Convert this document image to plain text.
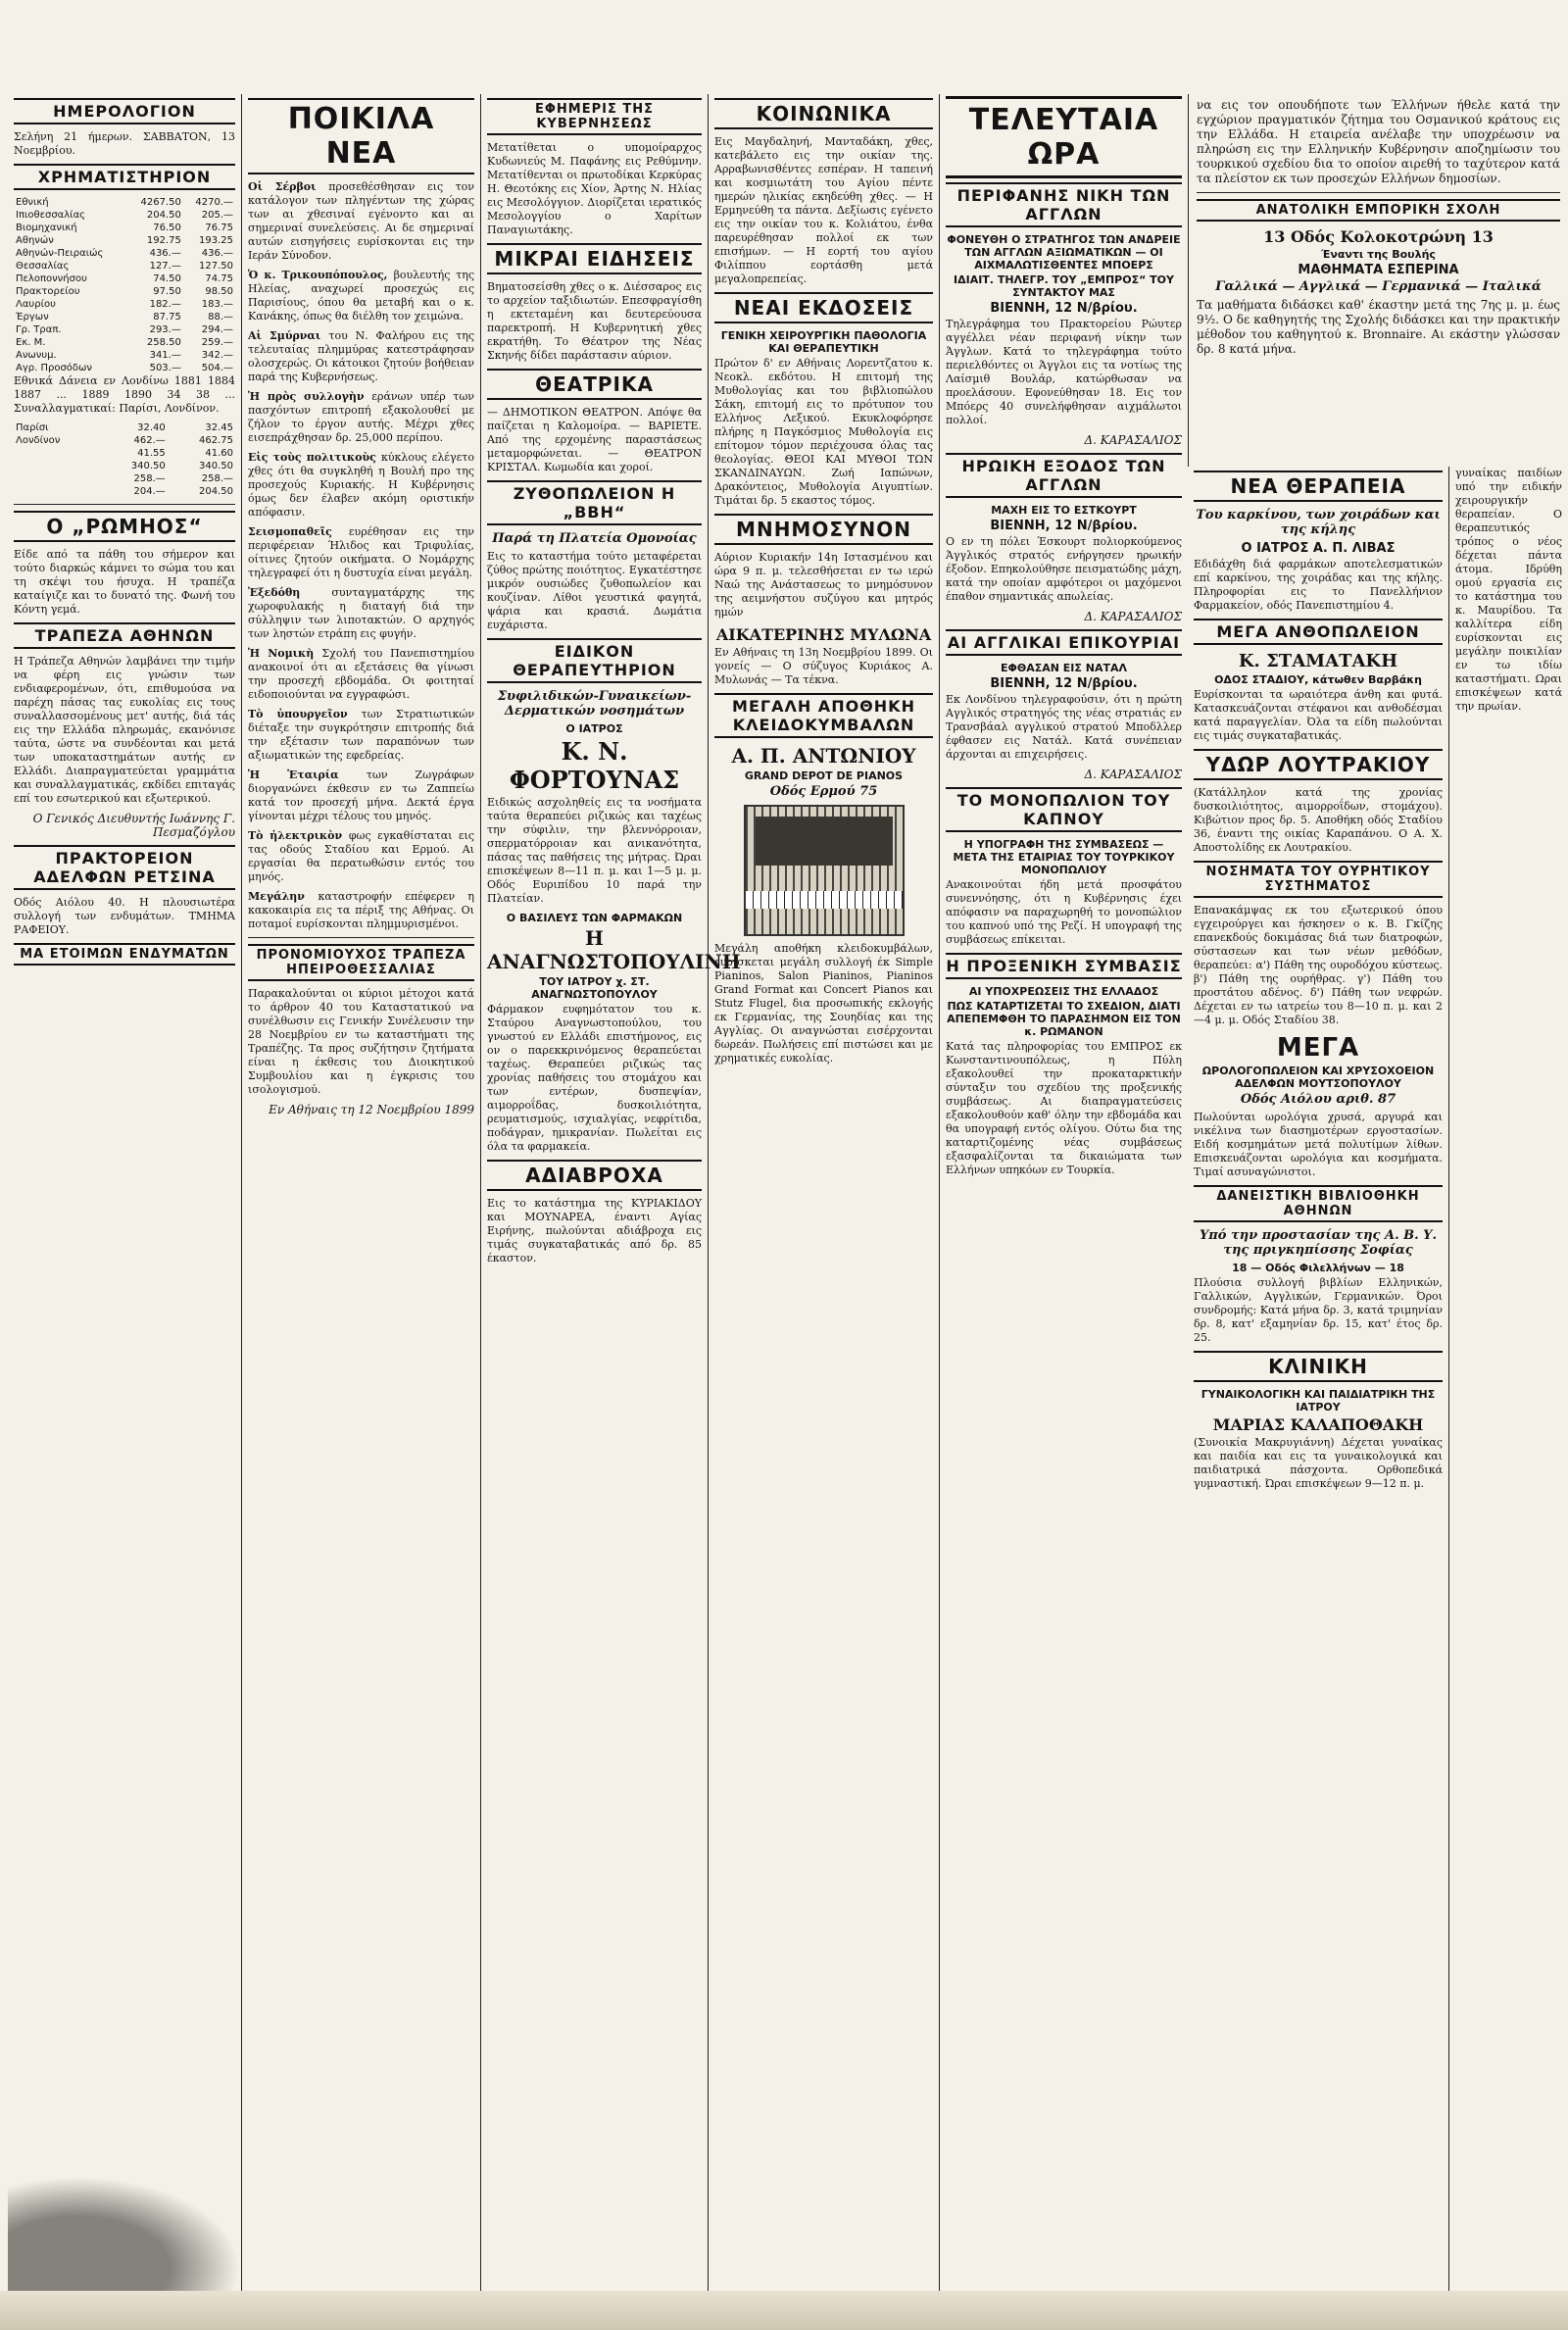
ΗΜΕΡΟΛΟΓΙΟΝ
Σελήνη 21 ήμερων. ΣΑΒΒΑΤΟΝ, 13 Νοεμβρίου.
ΧΡΗΜΑΤΙΣΤΗΡΙΟΝ
Εθνική	4267.50	4270.—
Ιπιοθεσσαλίας	204.50	205.—
Βιομηχανική	76.50	76.75
Αθηνών	192.75	193.25
Αθηνών-Πειραιώς	436.—	436.—
Θεσσαλίας	127.—	127.50
Πελοποννήσου	74.50	74.75
Πρακτορείου	97.50	98.50
Λαυρίου	182.—	183.—
Έργων	87.75	88.—
Γρ. Τραπ.	293.—	294.—
Εκ. Μ.	258.50	259.—
Ανωνυμ.	341.—	342.—
Αγρ. Προσόδων	503.—	504.—
Εθνικά Δάνεια εν Λονδίνω 1881 1884 1887 ... 1889 1890 34 38 ... Συναλλαγματικαί: Παρίσι, Λονδίνον.
Παρίσι	32.40	32.45
Λονδίνον	462.—	462.75
	41.55	41.60
	340.50	340.50
	258.—	258.—
	204.—	204.50
Ο „ΡΩΜΗΟΣ“
Είδε από τα πάθη του σήμερον και τούτο διαρκώς κάμνει το σώμα του και τη σκέψι του ήσυχα. Η τραπέζα καταίγιζε και το δυνατό της. Φωνή του Κόντη γεμά.
ΤΡΑΠΕΖΑ ΑΘΗΝΩΝ
Η Τράπεζα Αθηνών λαμβάνει την τιμήν να φέρη εις γνώσιν των ενδιαφερομένων, ότι, επιθυμούσα να παρέχη πάσας τας ευκολίας εις τους συναλλασσομένους μετ' αυτής, διά τάς εις την Ελλάδα πληρωμάς, εκανόνισε ταύτα, ώστε να συνδέονται και μετά των υποκαταστημάτων αυτής εν Ελλάδι. Διαπραγματεύεται γραμμάτια και συναλλαγματικάς, εκδίδει επιταγάς επί του εσωτερικού και εξωτερικού.
Ο Γενικός Διευθυντής Ιωάννης Γ. Πεσμαζόγλου
ΠΡΑΚΤΟΡΕΙΟΝ ΑΔΕΛΦΩΝ ΡΕΤΣΙΝΑ
Οδός Αιόλου 40. Η πλουσιωτέρα συλλογή των ενδυμάτων. ΤΜΗΜΑ ΡΑΦΕΙΟΥ.
ΜΑ ΕΤΟΙΜΩΝ ΕΝΔΥΜΑΤΩΝ
ΠΟΙΚΙΛΑ ΝΕΑ
Οἱ Σέρβοι προσεθέσθησαν εις τον κατάλογον των πληγέντων της χώρας των αι χθεσιναί εγένοντο και αι σημεριναί συνελεύσεις. Αι δε σημεριναί αυτών εισηγήσεις ευρίσκονται εις την Ιεράν Σύνοδον.
Ὁ κ. Τρικουπόπουλος, βουλευτής της Ηλείας, αναχωρεί προσεχώς εις Παρισίους, όπου θα μεταβή και ο κ. Κανάκης, όπως θα διέλθη τον χειμώνα.
Αἱ Σμύρναι του Ν. Φαλήρου εις της τελευταίας πλημμύρας κατεστράφησαν ολοσχερώς. Οι κάτοικοι ζητούν βοήθειαν παρά της Κυβερνήσεως.
Ἡ πρὸς συλλογὴν εράνων υπέρ των πασχόντων επιτροπή εξακολουθεί με ζήλον το έργον αυτής. Μέχρι χθες εισεπράχθησαν δρ. 25,000 περίπου.
Εἰς τοὺς πολιτικοὺς κύκλους ελέγετο χθες ότι θα συγκληθή η Βουλή προ της προσεχούς Κυριακής. Η Κυβέρνησις όμως δεν έλαβεν ακόμη οριστικήν απόφασιν.
Σεισμοπαθεῖς ευρέθησαν εις την περιφέρειαν Ήλιδος και Τριφυλίας, οίτινες ζητούν οικήματα. Ο Νομάρχης τηλεγραφεί ότι η δυστυχία είναι μεγάλη.
Ἐξεδόθη συνταγματάρχης της χωροφυλακής η διαταγή διά την σύλληψιν των λιποτακτών. Ο αρχηγός των ληστών ετράπη εις φυγήν.
Ἡ Νομικὴ Σχολή του Πανεπιστημίου ανακοινοί ότι αι εξετάσεις θα γίνωσι την προσεχή εβδομάδα. Οι φοιτηταί ειδοποιούνται να εγγραφώσι.
Τὸ ὑπουργεῖον των Στρατιωτικών διέταξε την συγκρότησιν επιτροπής διά την εξέτασιν των παραπόνων των αξιωματικών της εφεδρείας.
Ἡ Ἑταιρία των Ζωγράφων διοργανώνει έκθεσιν εν τω Ζαππείω κατά τον προσεχή μήνα. Δεκτά έργα γίνονται μέχρι τέλους του μηνός.
Τὸ ἠλεκτρικὸν φως εγκαθίσταται εις τας οδούς Σταδίου και Ερμού. Αι εργασίαι θα περατωθώσιν εντός του μηνός.
Μεγάλην καταστροφήν επέφερεν η κακοκαιρία εις τα πέριξ της Αθήνας. Οι ποταμοί ευρίσκονται πλημμυρισμένοι.
ΠΡΟΝΟΜΙΟΥΧΟΣ ΤΡΑΠΕΖΑ ΗΠΕΙΡΟΘΕΣΣΑΛΙΑΣ
Παρακαλούνται οι κύριοι μέτοχοι κατά το άρθρον 40 του Καταστατικού να συνέλθωσιν εις Γενικήν Συνέλευσιν την 28 Νοεμβρίου εν τω καταστήματι της Τραπέζης. Τα προς συζήτησιν ζητήματα είναι η έκθεσις του Διοικητικού Συμβουλίου και η έγκρισις του ισολογισμού.
Εν Αθήναις τη 12 Νοεμβρίου 1899
ΕΦΗΜΕΡΙΣ ΤΗΣ ΚΥΒΕΡΝΗΣΕΩΣ
Μετατίθεται ο υπομοίραρχος Κυδωνιεύς Μ. Παφάνης εις Ρεθύμνην. Μετατίθενται οι πρωτοδίκαι Κερκύρας Η. Θεοτόκης εις Χίον, Άρτης Ν. Ηλίας εις Μεσολόγγιον. Διορίζεται ιερατικός Μεσολογγίου ο Χαρίτων Παναγιωτάκης.
ΜΙΚΡΑΙ ΕΙΔΗΣΕΙΣ
Βηματοσείσθη χθες ο κ. Διέσσαρος εις το αρχείον ταξιδιωτών. Επεσφραγίσθη η εκτεταμένη και δευτερεύουσα παρεκτροπή. Η Κυβερνητική χθες εκρατήθη. Το Θέατρον της Νέας Σκηνής δίδει παράστασιν αύριον.
ΘΕΑΤΡΙΚΑ
— ΔΗΜΟΤΙΚΟΝ ΘΕΑΤΡΟΝ. Απόψε θα παίζεται η Καλομοίρα. — ΒΑΡΙΕΤΕ. Από της ερχομένης παραστάσεως μεταμορφώνεται. — ΘΕΑΤΡΟΝ ΚΡΙΣΤΑΛ. Κωμωδία και χοροί.
ΖΥΘΟΠΩΛΕΙΟΝ Η „ΒΒΗ“
Παρά τη Πλατεία Ομονοίας
Εις το καταστήμα τούτο μεταφέρεται ζύθος πρώτης ποιότητος. Εγκατέστησε μικρόν ουσιώδες ζυθοπωλείον και κουζίναν. Λίθοι γευστικά φαγητά, ψάρια και κρασιά. Δωμάτια ευχάριστα.
ΕΙΔΙΚΟΝ ΘΕΡΑΠΕΥΤΗΡΙΟΝ
Συφιλιδικών-Γυναικείων-Δερματικών νοσημάτων
Ο ΙΑΤΡΟΣ
Κ. Ν. ΦΟΡΤΟΥΝΑΣ
Ειδικώς ασχοληθείς εις τα νοσήματα ταύτα θεραπεύει ριζικώς και ταχέως την σύφιλιν, την βλεννόρροιαν, σπερματόρροιαν και ανικανότητα, πάσας τας παθήσεις της μήτρας. Ώραι επισκέψεων 8—11 π. μ. και 1—5 μ. μ. Οδός Ευριπίδου 10 παρά την Πλατείαν.
Ο ΒΑΣΙΛΕΥΣ ΤΩΝ ΦΑΡΜΑΚΩΝ
Η ΑΝΑΓΝΩΣΤΟΠΟΥΛΙΝΗ
ΤΟΥ ΙΑΤΡΟΥ χ. ΣΤ. ΑΝΑΓΝΩΣΤΟΠΟΥΛΟΥ
Φάρμακον ευφημότατον του κ. Σταύρου Αναγνωστοπούλου, του γνωστού εν Ελλάδι επιστήμονος, εις ον ο παρεκκρινόμενος θεραπεύεται ταχέως. Θεραπεύει ριζικώς τας χρονίας παθήσεις του στομάχου και των εντέρων, δυσπεψίαν, αιμορροΐδας, δυσκοιλιότητα, ρευματισμούς, ισχιαλγίας, νεφρίτιδα, ποδάγραν, ημικρανίαν. Πωλείται εις όλα τα φαρμακεία.
ΑΔΙΑΒΡΟΧΑ
Εις το κατάστημα της ΚΥΡΙΑΚΙΔΟΥ και ΜΟΥΝΑΡΕΑ, έναντι Αγίας Ειρήνης, πωλούνται αδιάβροχα εις τιμάς συγκαταβατικάς από δρ. 85 έκαστον.
ΚΟΙΝΩΝΙΚΑ
Εις Μαγδαληνή, Μανταδάκη, χθες, κατεβάλετο εις την οικίαν της. Αρραβωνισθέντες εσπέραν. Η ταπεινή και κοσμιωτάτη του Αγίου πέντε ημερών ηλικίας εκηδεύθη χθες. — Η Ερμηνεύθη τα πάντα. Δεξίωσις εγένετο εις την οικίαν του κ. Κολιάτου, ένθα παρευρέθησαν πολλοί εκ των επισήμων. — Η εορτή του αγίου Φιλίππου εορτάσθη μετά μεγαλοπρεπείας.
ΝΕΑΙ ΕΚΔΟΣΕΙΣ
ΓΕΝΙΚΗ ΧΕΙΡΟΥΡΓΙΚΗ ΠΑΘΟΛΟΓΙΑ ΚΑΙ ΘΕΡΑΠΕΥΤΙΚΗ
Πρώτον δ' εν Αθήναις Λορεντζατου κ. Νεοκλ. εκδότου. Η επιτομή της Μυθολογίας και του βιβλιοπώλου Σάκη, επιτομή εις το πρότυπον του Ελλήνος Λεξικού. Εκυκλοφόρησε πλήρης η Παγκόσμιος Μυθολογία εις επίτομον τόμον περιέχουσα όλας τας θεολογίας. ΘΕΟΙ ΚΑΙ ΜΥΘΟΙ ΤΩΝ ΣΚΑΝΔΙΝΑΥΩΝ. Ζωή Ιαπώνων, Δρακόντειος, Μυθολογία Αιγυπτίων. Τιμάται δρ. 5 εκαστος τόμος.
ΜΝΗΜΟΣΥΝΟΝ
Αύριον Κυριακήν 14η Ιστασμένου και ώρα 9 π. μ. τελεσθήσεται εν τω ιερώ Ναώ της Ανάστασεως το μνημόσυνον της αειμνήστου συζύγου και μητρός ημών
ΑΙΚΑΤΕΡΙΝΗΣ ΜΥΛΩΝΑ
Εν Αθήναις τη 13η Νοεμβρίου 1899. Οι γονείς — Ο σύζυγος Κυριάκος Α. Μυλωνάς — Τα τέκνα.
ΜΕΓΑΛΗ ΑΠΟΘΗΚΗ ΚΛΕΙΔΟΚΥΜΒΑΛΩΝ
Α. Π. ΑΝΤΩΝΙΟΥ
GRAND DEPOT DE PIANOS
Οδός Ερμού 75
Μεγάλη αποθήκη κλειδοκυμβάλων, ευρίσκεται μεγάλη συλλογή έκ Simple Pianinos, Salon Pianinos, Pianinos Grand Format και Concert Pianos και Stutz Flugel, δια προσωπικής εκλογής εκ Γερμανίας, της Σουηδίας και της Αγγλίας. Οι αναγνώσται εισέρχονται δωρεάν. Πωλήσεις επί πιστώσει και με χρηματικές ευκολίας.
ΤΕΛΕΥΤΑΙΑ ΩΡΑ
ΠΕΡΙΦΑΝΗΣ ΝΙΚΗ ΤΩΝ ΑΓΓΛΩΝ
ΦΟΝΕΥΘΗ Ο ΣΤΡΑΤΗΓΟΣ ΤΩΝ ΑΝΔΡΕΙΕ ΤΩΝ ΑΓΓΛΩΝ ΑΞΙΩΜΑΤΙΚΩΝ — ΟΙ ΑΙΧΜΑΛΩΤΙΣΘΕΝΤΕΣ ΜΠΟΕΡΣ
ΙΔΙΑΙΤ. ΤΗΛΕΓΡ. ΤΟΥ „ΕΜΠΡΟΣ“ ΤΟΥ ΣΥΝΤΑΚΤΟΥ ΜΑΣ
ΒΙΕΝΝΗ, 12 Ν/βρίου.
Τηλεγράφημα του Πρακτορείου Ρώυτερ αγγέλλει νέαν περιφανή νίκην των Άγγλων. Κατά το τηλεγράφημα τούτο περιελθόντες οι Άγγλοι εις τα νοτίως της Λαίσμιθ Βουλάρ, κατώρθωσαν να προελάσουν. Εφονεύθησαν 18. Εις τον Μπόερς 40 συνελήφθησαν αιχμάλωτοι πολλοί.
Δ. ΚΑΡΑΣΑΛΙΟΣ
ΗΡΩΙΚΗ ΕΞΟΔΟΣ ΤΩΝ ΑΓΓΛΩΝ
ΜΑΧΗ ΕΙΣ ΤΟ ΕΣΤΚΟΥΡΤ
ΒΙΕΝΝΗ, 12 Ν/βρίου.
Ο εν τη πόλει Έσκουρτ πολιορκούμενος Άγγλικός στρατός ενήργησεν ηρωικήν έξοδον. Επηκολούθησε πεισματώδης μάχη, κατά την οποίαν αμφότεροι οι μαχόμενοι έπαθον σημαντικάς απωλείας.
Δ. ΚΑΡΑΣΑΛΙΟΣ
ΑΙ ΑΓΓΛΙΚΑΙ ΕΠΙΚΟΥΡΙΑΙ
ΕΦΘΑΣΑΝ ΕΙΣ ΝΑΤΑΛ
ΒΙΕΝΝΗ, 12 Ν/βρίου.
Εκ Λονδίνου τηλεγραφούσιν, ότι η πρώτη Αγγλικός στρατηγός της νέας στρατιάς εν Τρανσβάαλ αγγλικού στρατού Μποδλλερ έφθασεν εις Νατάλ. Κατά συνέπειαν άρχονται αι επιχειρήσεις.
Δ. ΚΑΡΑΣΑΛΙΟΣ
ΤΟ ΜΟΝΟΠΩΛΙΟΝ ΤΟΥ ΚΑΠΝΟΥ
Η ΥΠΟΓΡΑΦΗ ΤΗΣ ΣΥΜΒΑΣΕΩΣ — ΜΕΤΑ ΤΗΣ ΕΤΑΙΡΙΑΣ ΤΟΥ ΤΟΥΡΚΙΚΟΥ ΜΟΝΟΠΩΛΙΟΥ
Ανακοινούται ήδη μετά προσφάτου συνεννόησης, ότι η Κυβέρνησις έχει απόφασιν να παραχωρηθή το μονοπώλιον του καπνού υπό της Ρεζί. Η υπογραφή της συμβάσεως επίκειται.
Η ΠΡΟΞΕΝΙΚΗ ΣΥΜΒΑΣΙΣ
ΑΙ ΥΠΟΧΡΕΩΣΕΙΣ ΤΗΣ ΕΛΛΑΔΟΣ
ΠΩΣ ΚΑΤΑΡΤΙΖΕΤΑΙ ΤΟ ΣΧΕΔΙΟΝ, ΔΙΑΤΙ ΑΠΕΠΕΜΦΘΗ ΤΟ ΠΑΡΑΣΗΜΟΝ ΕΙΣ ΤΟΝ κ. ΡΩΜΑΝΟΝ
Κατά τας πληροφορίας του ΕΜΠΡΟΣ εκ Κωνσταντινουπόλεως, η Πύλη εξακολουθεί την προκαταρκτικήν σύνταξιν του σχεδίου της προξενικής συμβάσεως. Αι διαπραγματεύσεις εξακολουθούν καθ' όλην την εβδομάδα και θα υπογραφή εντός ολίγου. Ούτω δια της καταρτιζομένης νέας συμβάσεως εξασφαλίζονται τα δικαιώματα των Ελλήνων υπηκόων εν Τουρκία.

να εις τον οπουδήποτε των Έλλήνων ήθελε κατά την εγχώριον πραγματικόν ζήτημα του Οσμανικού κράτους εις την Ελλάδα. Η εταιρεία ανέλαβε την υποχρέωσιν να πληρώση εις την Ελληνικήν Κυβέρνησιν αποζημίωσιν του τουρκικού σχεδίου δια το οποίον αιρεθή το ταχύτερον κατά τα πλείστον εκ των προσεχών Ελλήνων δημοσίων.

ΑΝΑΤΟΛΙΚΗ ΕΜΠΟΡΙΚΗ ΣΧΟΛΗ
13 Οδός Κολοκοτρώνη 13
Έναντι της Βουλής
ΜΑΘΗΜΑΤΑ ΕΣΠΕΡΙΝΑ
Γαλλικά — Αγγλικά — Γερμανικά — Ιταλικά

Τα μαθήματα διδάσκει καθ' έκαστην μετά της 7ης μ. μ. έως 9½. Ο δε καθηγητής της Σχολής διδάσκει και την πρακτικήν μέθοδον του καθηγητού κ. Bronnaire. Αι εκάστην γλώσσαν δρ. 8 κατά μήνα.

ΝΕΑ ΘΕΡΑΠΕΙΑ
Του καρκίνου, των χοιράδων και της κήλης
Ο ΙΑΤΡΟΣ Α. Π. ΛΙΒΑΣ
Εδιδάχθη διά φαρμάκων αποτελεσματικών επί καρκίνου, της χοιράδας και της κήλης. Πληροφορίαι εις το Πανελλήνιον Φαρμακείον, οδός Πανεπιστημίου 4.
ΜΕΓΑ ΑΝΘΟΠΩΛΕΙΟΝ
Κ. ΣΤΑΜΑΤΑΚΗ
ΟΔΟΣ ΣΤΑΔΙΟΥ, κάτωθεν Βαρβάκη
Ευρίσκονται τα ωραιότερα άνθη και φυτά. Κατασκευάζονται στέφανοι και ανθοδέσμαι κατά παραγγελίαν. Όλα τα είδη πωλούνται εις τιμάς συγκαταβατικάς.
ΥΔΩΡ ΛΟΥΤΡΑΚΙΟΥ
(Κατάλληλον κατά της χρονίας δυσκοιλιότητος, αιμορροΐδων, στομάχου). Κιβώτιον προς δρ. 5. Αποθήκη οδός Σταδίου 36, έναντι της οικίας Καραπάνου. Ο Α. Χ. Αποστολίδης εκ Λουτρακίου.
ΝΟΣΗΜΑΤΑ ΤΟΥ ΟΥΡΗΤΙΚΟΥ ΣΥΣΤΗΜΑΤΟΣ
Επανακάμψας εκ του εξωτερικού όπου εγχειρούργει και ήσκησεν ο κ. Β. Γκίζης επανεκδούς δοκιμάσας διά των διατροφών, σύστασεων και των νέων μεθόδων, θεραπεύει: α') Πάθη της ουροδόχου κύστεως. β') Πάθη της ουρήθρας. γ') Πάθη του προστάτου αδένος. δ') Πάθη των νεφρών. Δέχεται εν τω ιατρείω του 8—10 π. μ. και 2—4 μ. μ. Οδός Σταδίου 38.
ΜΕΓΑ
ΩΡΟΛΟΓΟΠΩΛΕΙΟΝ ΚΑΙ ΧΡΥΣΟΧΟΕΙΟΝ ΑΔΕΛΦΩΝ ΜΟΥΤΣΟΠΟΥΛΟΥ
Οδός Αιόλου αριθ. 87
Πωλούνται ωρολόγια χρυσά, αργυρά και νικέλινα των διασημοτέρων εργοστασίων. Ειδή κοσμημάτων μετά πολυτίμων λίθων. Επισκευάζονται ωρολόγια και κοσμήματα. Τιμαί ασυναγώνιστοι.
ΔΑΝΕΙΣΤΙΚΗ ΒΙΒΛΙΟΘΗΚΗ ΑΘΗΝΩΝ
Υπό την προστασίαν της Α. Β. Υ. της πριγκηπίσσης Σοφίας
18 — Οδός Φιλελλήνων — 18
Πλούσια συλλογή βιβλίων Ελληνικών, Γαλλικών, Αγγλικών, Γερμανικών. Όροι συνδρομής: Κατά μήνα δρ. 3, κατά τριμηνίαν δρ. 8, κατ' εξαμηνίαν δρ. 15, κατ' έτος δρ. 25.
ΚΛΙΝΙΚΗ
ΓΥΝΑΙΚΟΛΟΓΙΚΗ ΚΑΙ ΠΑΙΔΙΑΤΡΙΚΗ ΤΗΣ ΙΑΤΡΟΥ
ΜΑΡΙΑΣ ΚΑΛΑΠΟΘΑΚΗ
(Συνοικία Μακρυγιάννη) Δέχεται γυναίκας και παιδία και εις τα γυναικολογικά και παιδιατρικά πάσχοντα. Ορθοπεδικά γυμναστική. Ώραι επισκέψεων 9—12 π. μ.
γυναίκας παιδίων υπό την ειδικήν χειρουργικήν θεραπείαν. Ο θεραπευτικός τρόπος ο νέος δέχεται πάντα άτομα. Ιδρύθη ομού εργασία εις το κατάστημα του κ. Μαυρίδου. Τα καλλίτερα είδη ευρίσκονται εις μεγάλην ποικιλίαν εν τω ιδίω καταστήματι. Ωραι επισκέψεων κατά την πρωίαν.
